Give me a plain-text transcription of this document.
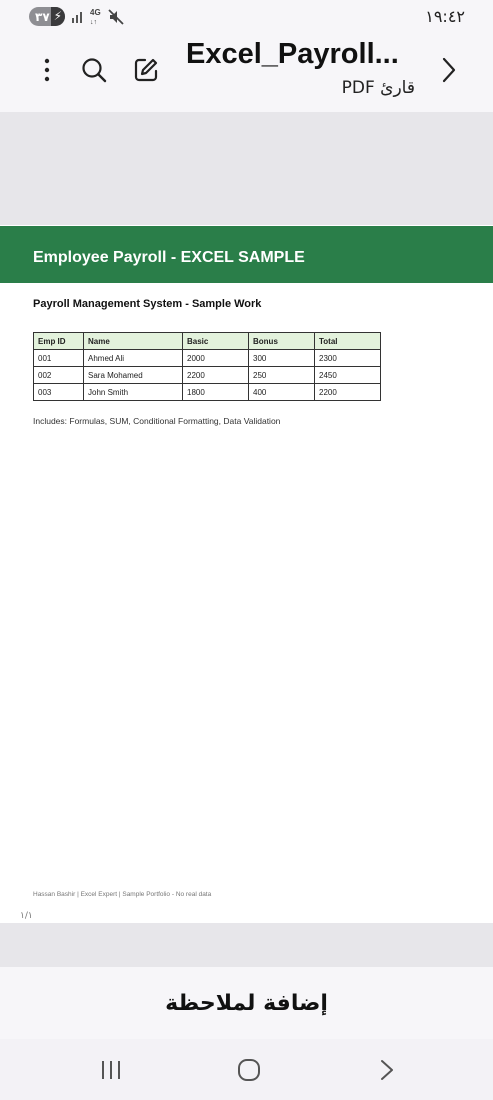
٣٧ ⚡	4G
↓↑	١٩:٤٢
Excel_Payroll...
قارئ PDF
Employee Payroll - EXCEL SAMPLE
Payroll Management System - Sample Work
Emp ID	Name	Basic	Bonus	Total
001	Ahmed Ali	2000	300	2300
002	Sara Mohamed	2200	250	2450
003	John Smith	1800	400	2200
Includes: Formulas, SUM, Conditional Formatting, Data Validation
Hassan Bashir | Excel Expert | Sample Portfolio - No real data
١/١
إضافة لملاحظة
